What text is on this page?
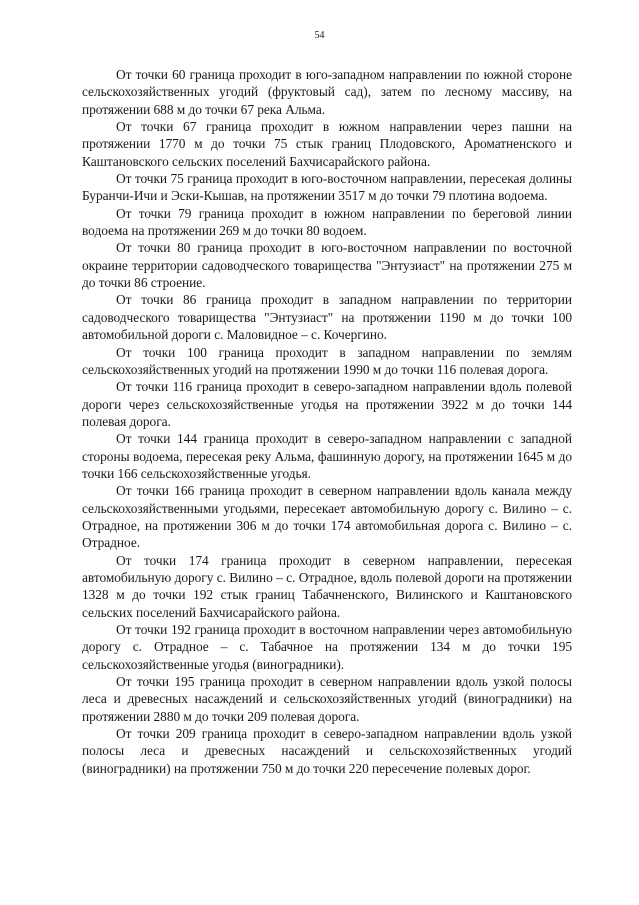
54

От точки 60 граница проходит в юго-западном направлении по южной стороне сельскохозяйственных угодий (фруктовый сад), затем по лесному массиву, на протяжении 688 м до точки 67 река Альма.

От точки 67 граница проходит в южном направлении через пашни на протяжении 1770 м до точки 75 стык границ Плодовского, Ароматненского и Каштановского сельских поселений Бахчисарайского района.

От точки 75 граница проходит в юго-восточном направлении, пересекая долины Буранчи-Ичи и Эски-Кышав, на протяжении 3517 м до точки 79 плотина водоема.

От точки 79 граница проходит в южном направлении по береговой линии водоема на протяжении 269 м до точки 80 водоем.

От точки 80 граница проходит в юго-восточном направлении по восточной окраине территории садоводческого товарищества "Энтузиаст" на протяжении 275 м до точки 86 строение.

От точки 86 граница проходит в западном направлении по территории садоводческого товарищества "Энтузиаст" на протяжении 1190 м до точки 100 автомобильной дороги с. Маловидное – с. Кочергино.

От точки 100 граница проходит в западном направлении по землям сельскохозяйственных угодий на протяжении 1990 м до точки 116 полевая дорога.

От точки 116 граница проходит в северо-западном направлении вдоль полевой дороги через сельскохозяйственные угодья на протяжении 3922 м до точки 144 полевая дорога.

От точки 144 граница проходит в северо-западном направлении с западной стороны водоема, пересекая реку Альма, фашинную дорогу, на протяжении 1645 м до точки 166 сельскохозяйственные угодья.

От точки 166 граница проходит в северном направлении вдоль канала между сельскохозяйственными угодьями, пересекает автомобильную дорогу с. Вилино – с. Отрадное, на протяжении 306 м до точки 174 автомобильная дорога с. Вилино – с. Отрадное.

От точки 174 граница проходит в северном направлении, пересекая автомобильную дорогу с. Вилино – с. Отрадное, вдоль полевой дороги на протяжении 1328 м до точки 192 стык границ Табачненского, Вилинского и Каштановского сельских поселений Бахчисарайского района.

От точки 192 граница проходит в восточном направлении через автомобильную дорогу с. Отрадное – с. Табачное на протяжении 134 м до точки 195 сельскохозяйственные угодья (виноградники).

От точки 195 граница проходит в северном направлении вдоль узкой полосы леса и древесных насаждений и сельскохозяйственных угодий (виноградники) на протяжении 2880 м до точки 209 полевая дорога.

От точки 209 граница проходит в северо-западном направлении вдоль узкой полосы леса и древесных насаждений и сельскохозяйственных угодий (виноградники) на протяжении 750 м до точки 220 пересечение полевых дорог.
